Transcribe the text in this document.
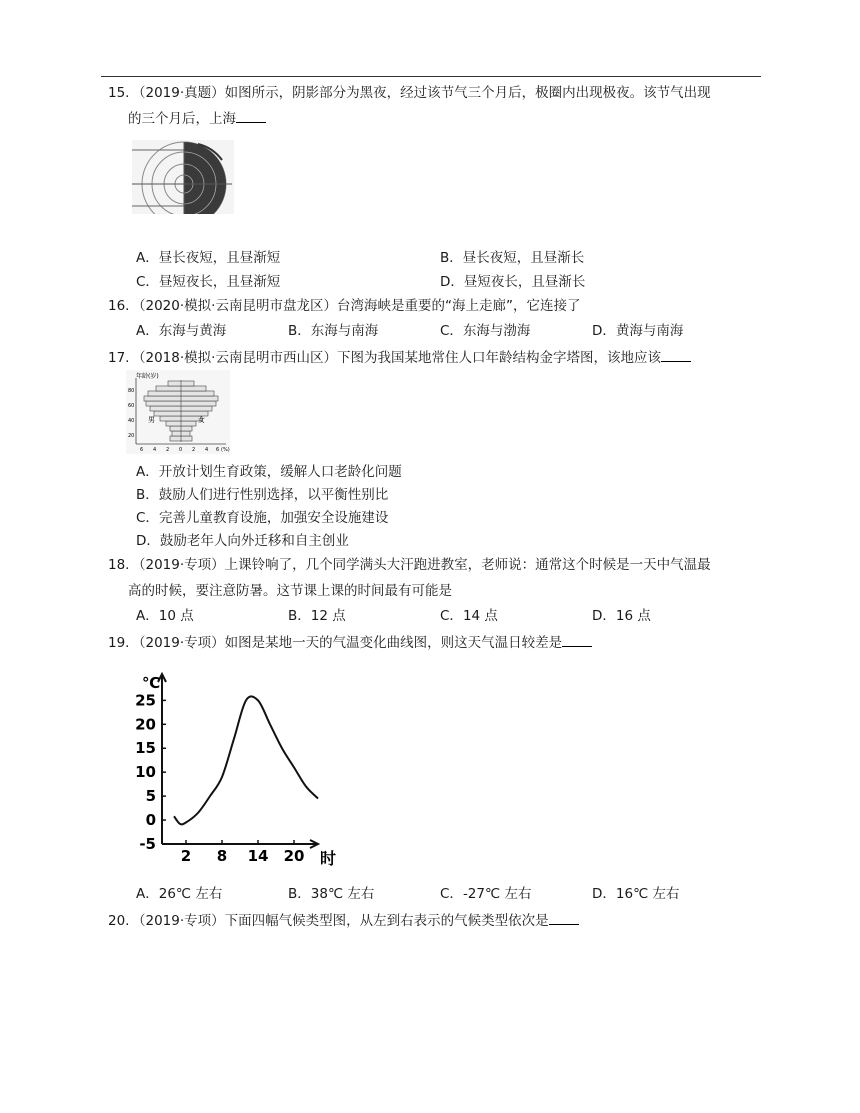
15. （2019·真题）如图所示，阴影部分为黑夜，经过该节气三个月后，极圈内出现极夜。该节气出现
的三个月后，上海
A．昼长夜短，且昼渐短	B．昼长夜短，且昼渐长
C．昼短夜长，且昼渐短	D．昼短夜长，且昼渐长
16. （2020·模拟·云南昆明市盘龙区）台湾海峡是重要的“海上走廊”，它连接了
A．东海与黄海	B．东海与南海	C．东海与渤海	D．黄海与南海
17. （2018·模拟·云南昆明市西山区）下图为我国某地常住人口年龄结构金字塔图，该地应该
年龄(岁)
80
60
40
20
男	女
6 4 2 0 2 4 6 (%)
A．开放计划生育政策，缓解人口老龄化问题
B．鼓励人们进行性别选择，以平衡性别比
C．完善儿童教育设施，加强安全设施建设
D．鼓励老年人向外迁移和自主创业
18. （2019·专项）上课铃响了，几个同学满头大汗跑进教室，老师说：通常这个时候是一天中气温最
高的时候，要注意防暑。这节课上课的时间最有可能是
A．10 点	B．12 点	C．14 点	D．16 点
19. （2019·专项）如图是某地一天的气温变化曲线图，则这天气温日较差是
25
20
15
10
5
0
-5
2 8 14 20
℃
时
A．26℃ 左右	B．38℃ 左右	C．-27℃ 左右	D．16℃ 左右
20. （2019·专项）下面四幅气候类型图，从左到右表示的气候类型依次是
